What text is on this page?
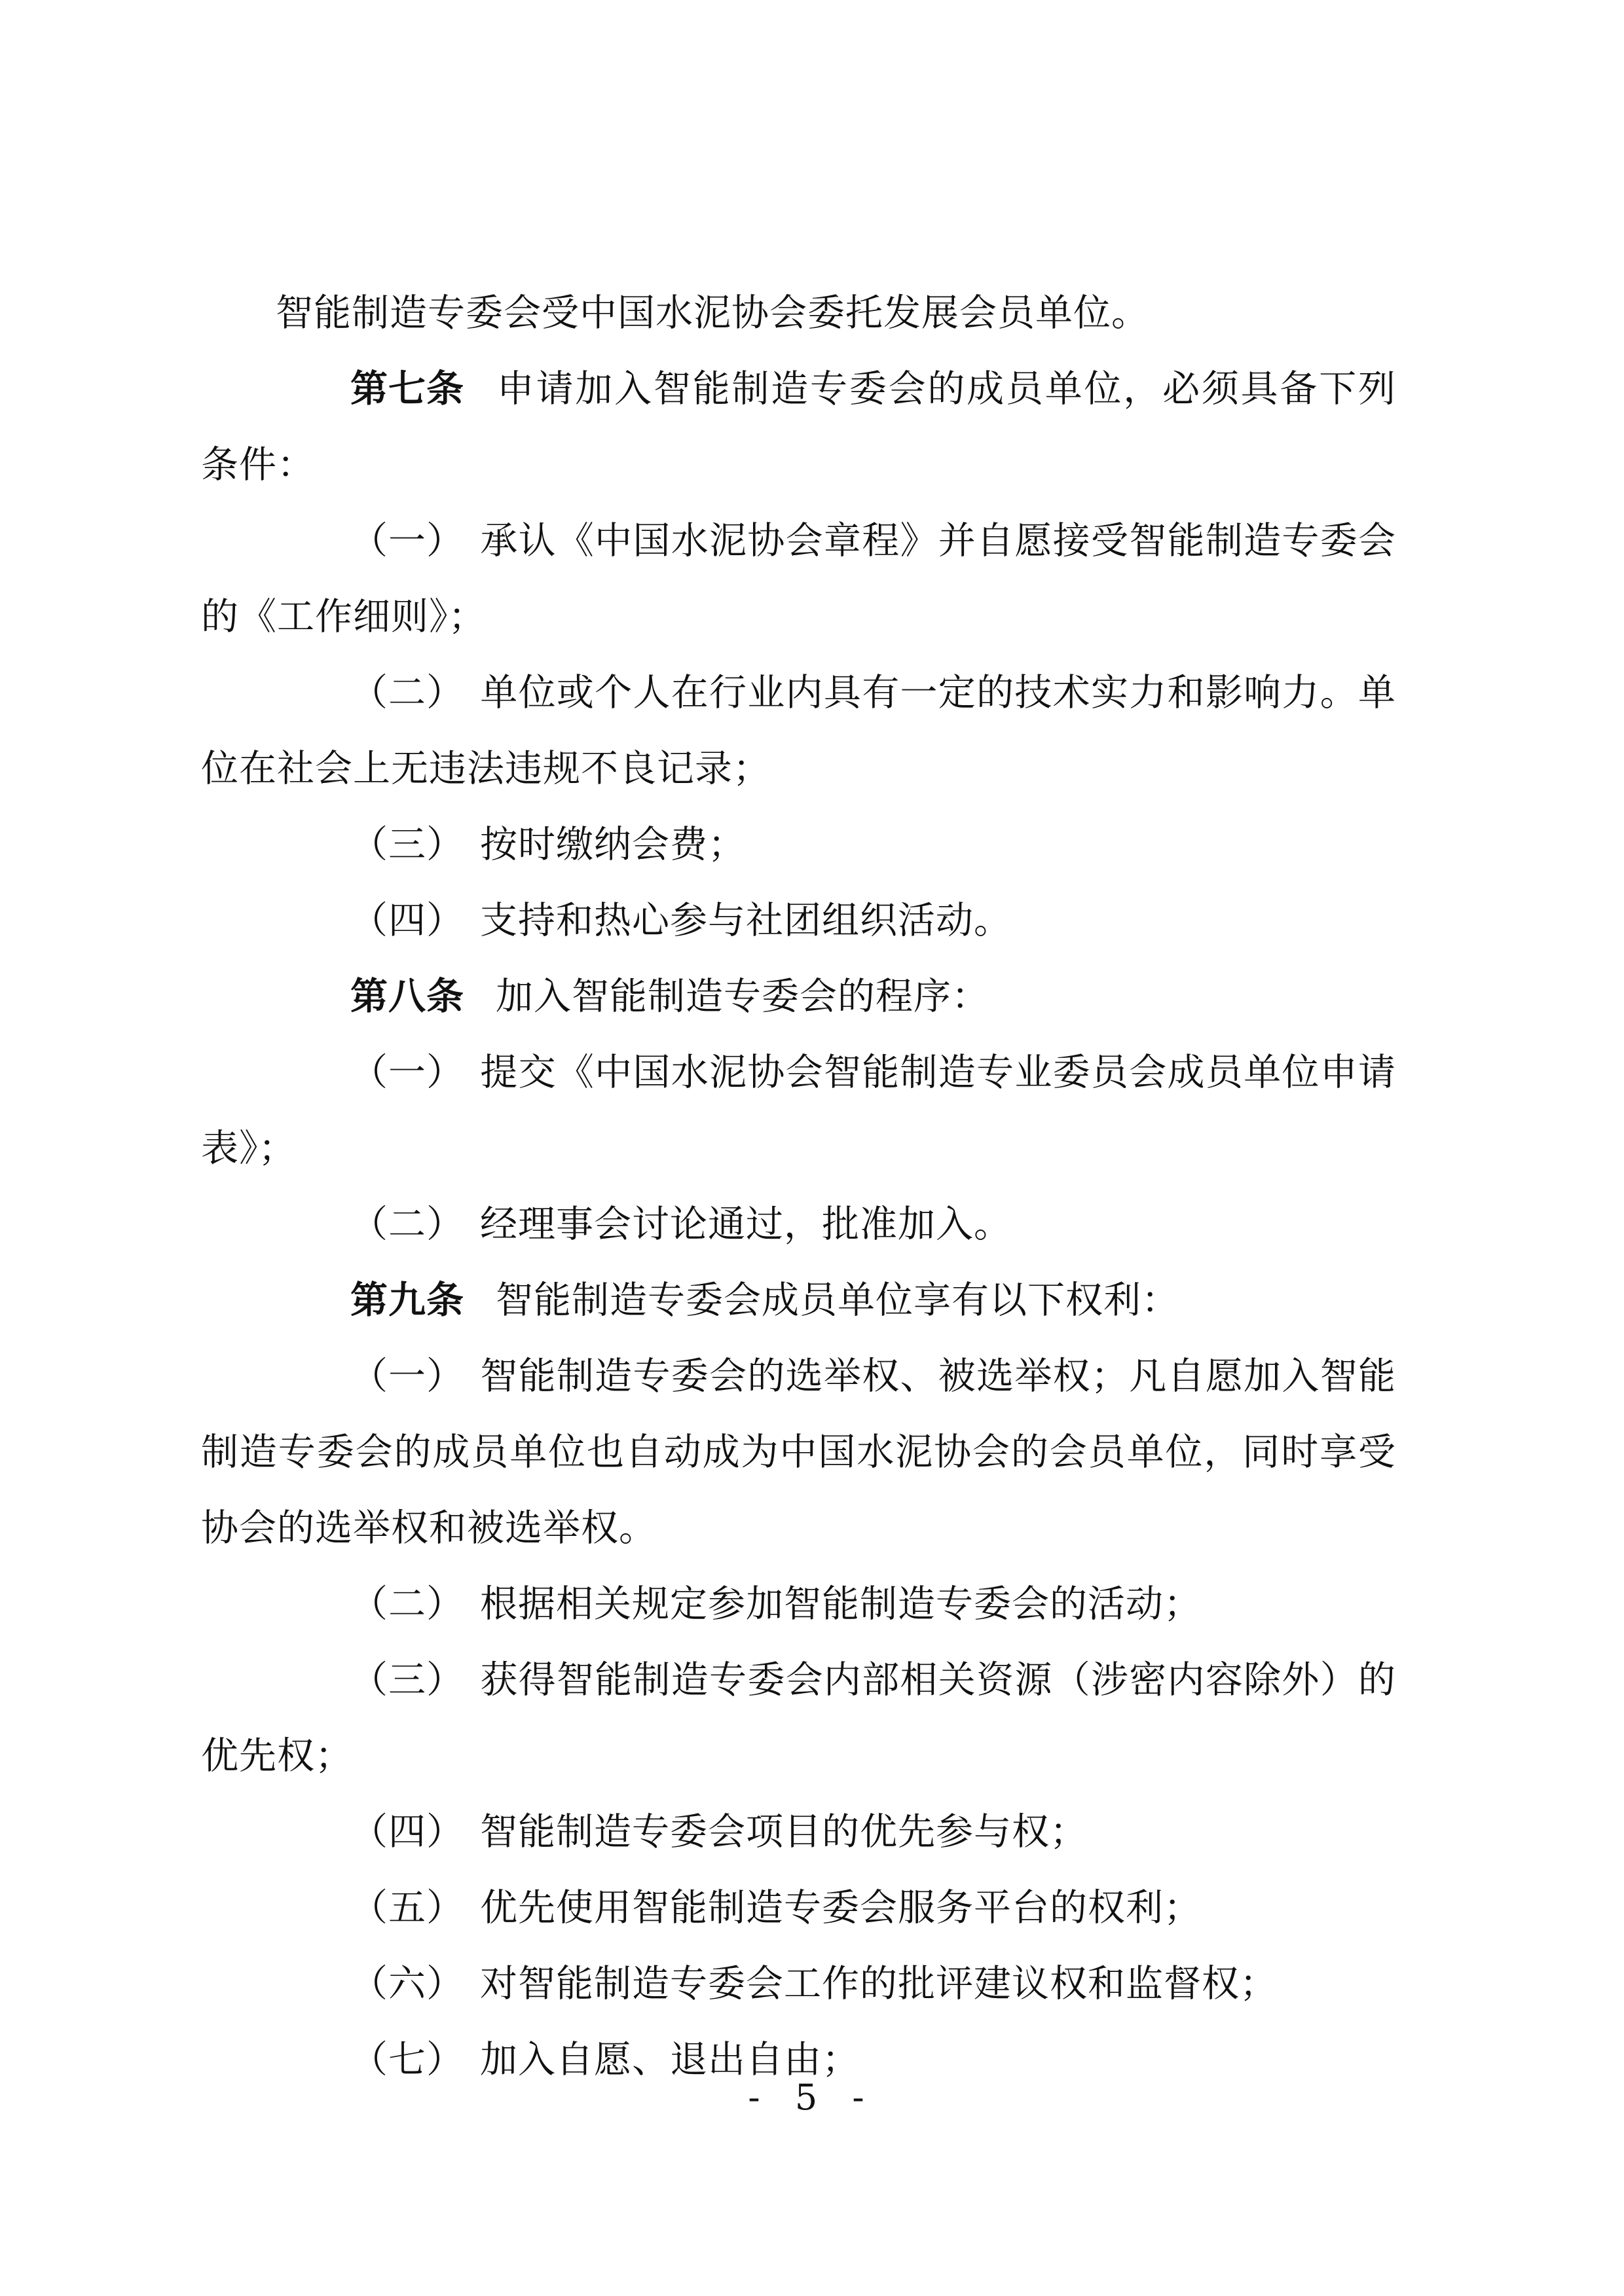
智能制造专委会受中国水泥协会委托发展会员单位。

第七条 申请加入智能制造专委会的成员单位，必须具备下列条件：

（一） 承认《中国水泥协会章程》并自愿接受智能制造专委会的《工作细则》；

（二） 单位或个人在行业内具有一定的技术实力和影响力。单位在社会上无违法违规不良记录；

（三） 按时缴纳会费；

（四） 支持和热心参与社团组织活动。

第八条 加入智能制造专委会的程序：

（一） 提交《中国水泥协会智能制造专业委员会成员单位申请表》；

（二） 经理事会讨论通过，批准加入。

第九条 智能制造专委会成员单位享有以下权利：

（一） 智能制造专委会的选举权、被选举权；凡自愿加入智能制造专委会的成员单位也自动成为中国水泥协会的会员单位，同时享受协会的选举权和被选举权。

（二） 根据相关规定参加智能制造专委会的活动；

（三） 获得智能制造专委会内部相关资源（涉密内容除外）的优先权；

（四） 智能制造专委会项目的优先参与权；

（五） 优先使用智能制造专委会服务平台的权利；

（六） 对智能制造专委会工作的批评建议权和监督权；

（七） 加入自愿、退出自由；

- 5 -
